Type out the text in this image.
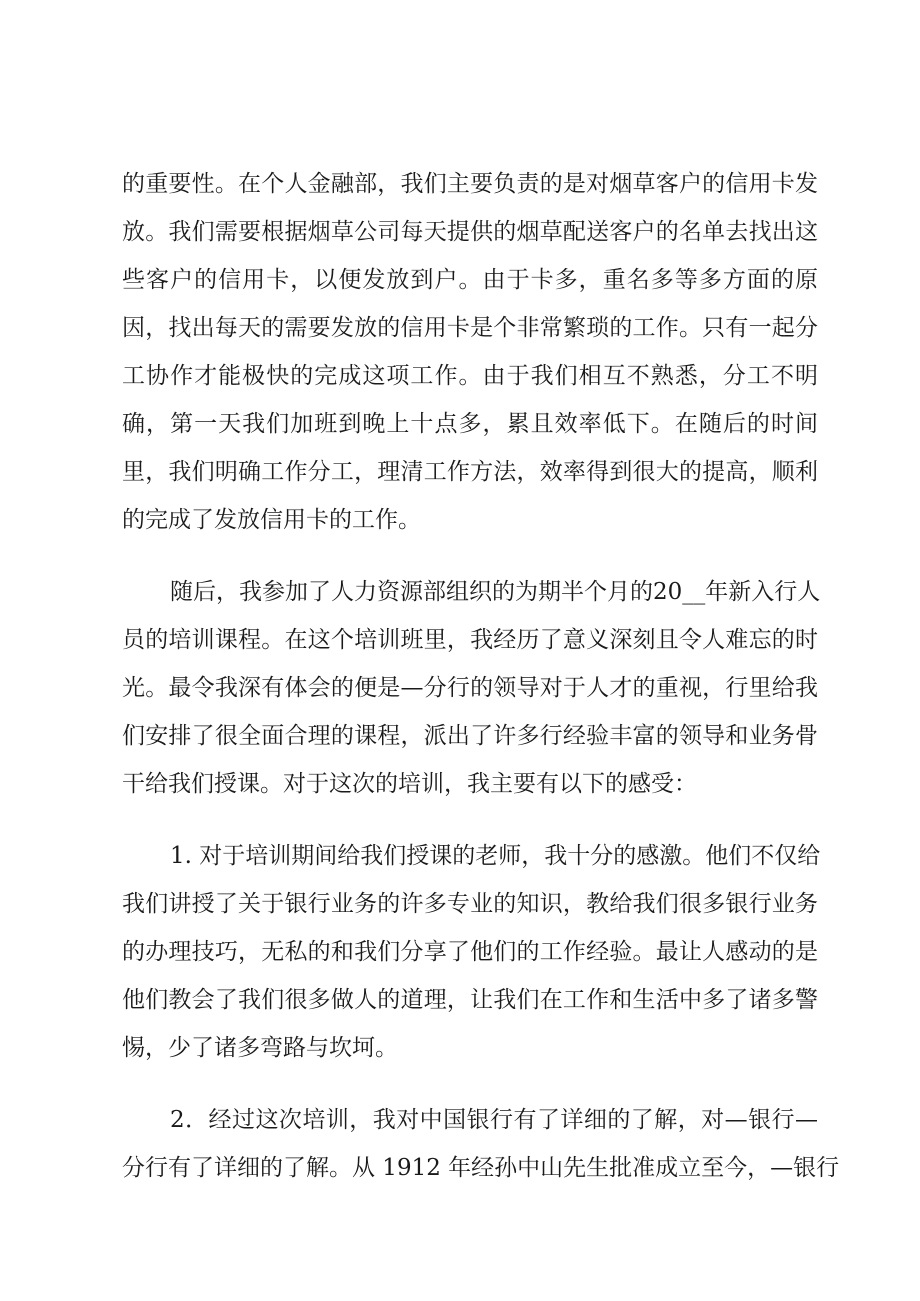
的重要性。在个人金融部，我们主要负责的是对烟草客户的信用卡发
放。我们需要根据烟草公司每天提供的烟草配送客户的名单去找出这
些客户的信用卡，以便发放到户。由于卡多，重名多等多方面的原
因，找出每天的需要发放的信用卡是个非常繁琐的工作。只有一起分
工协作才能极快的完成这项工作。由于我们相互不熟悉，分工不明
确，第一天我们加班到晚上十点多，累且效率低下。在随后的时间
里，我们明确工作分工，理清工作方法，效率得到很大的提高，顺利
的完成了发放信用卡的工作。
随后，我参加了人力资源部组织的为期半个月的20__年新入行人
员的培训课程。在这个培训班里，我经历了意义深刻且令人难忘的时
光。最令我深有体会的便是—分行的领导对于人才的重视，行里给我
们安排了很全面合理的课程，派出了许多行经验丰富的领导和业务骨
干给我们授课。对于这次的培训，我主要有以下的感受：
1. 对于培训期间给我们授课的老师，我十分的感激。他们不仅给
我们讲授了关于银行业务的许多专业的知识，教给我们很多银行业务
的办理技巧，无私的和我们分享了他们的工作经验。最让人感动的是
他们教会了我们很多做人的道理，让我们在工作和生活中多了诸多警
惕，少了诸多弯路与坎坷。
2．经过这次培训，我对中国银行有了详细的了解，对—银行—
分行有了详细的了解。从 1912 年经孙中山先生批准成立至今，—银行
